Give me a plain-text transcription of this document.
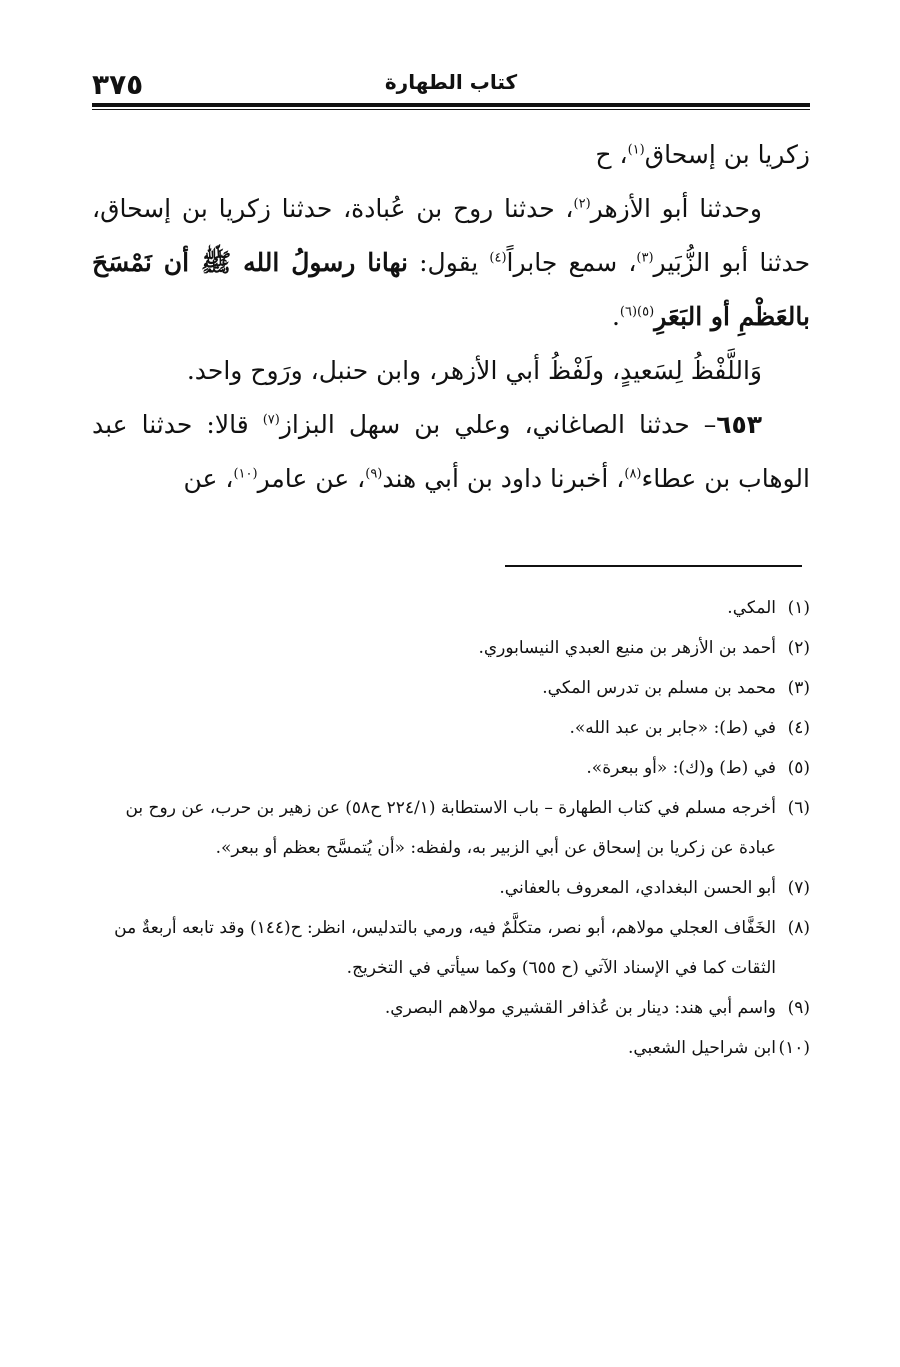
كتاب الطهارة
٣٧٥

زكريا بن إسحاق$^{(١)}$، ح

وحدثنا أبو الأزهر$^{(٢)}$، حدثنا روح بن عُبادة، حدثنا زكريا بن إسحاق، حدثنا أبو الزُّبَير$^{(٣)}$، سمع جابراً$^{(٤)}$ يقول: نهانا رسولُ الله ﷺ أن نَمْسَحَ بالعَظْمِ أو البَعَرِ$^{(٥)(٦)}$.

وَاللَّفْظُ لِسَعيدٍ، ولَفْظُ أبي الأزهر، وابن حنبل، ورَوح واحد.

٦٥٣– حدثنا الصاغاني، وعلي بن سهل البزاز$^{(٧)}$ قالا: حدثنا عبد الوهاب بن عطاء$^{(٨)}$، أخبرنا داود بن أبي هند$^{(٩)}$، عن عامر$^{(١٠)}$، عن

(١)المكي.

(٢)أحمد بن الأزهر بن منيع العبدي النيسابوري.

(٣)محمد بن مسلم بن تدرس المكي.

(٤)في (ط): «جابر بن عبد الله».

(٥)في (ط) و(ك): «أو ببعرة».

(٦)أخرجه مسلم في كتاب الطهارة – باب الاستطابة (٢٢٤/١ ح٥٨) عن زهير بن حرب، عن روح بن عبادة عن زكريا بن إسحاق عن أبي الزبير به، ولفظه: «أن يُتمسَّح بعظم أو ببعر».

(٧)أبو الحسن البغدادي، المعروف بالعفاني.

(٨)الخَفَّاف العجلي مولاهم، أبو نصر، متكلَّمٌ فيه، ورمي بالتدليس، انظر: ح(١٤٤) وقد تابعه أربعةٌ من الثقات كما في الإسناد الآتي (ح ٦٥٥) وكما سيأتي في التخريج.

(٩)واسم أبي هند: دينار بن عُذافر القشيري مولاهم البصري.

(١٠)ابن شراحيل الشعبي.
